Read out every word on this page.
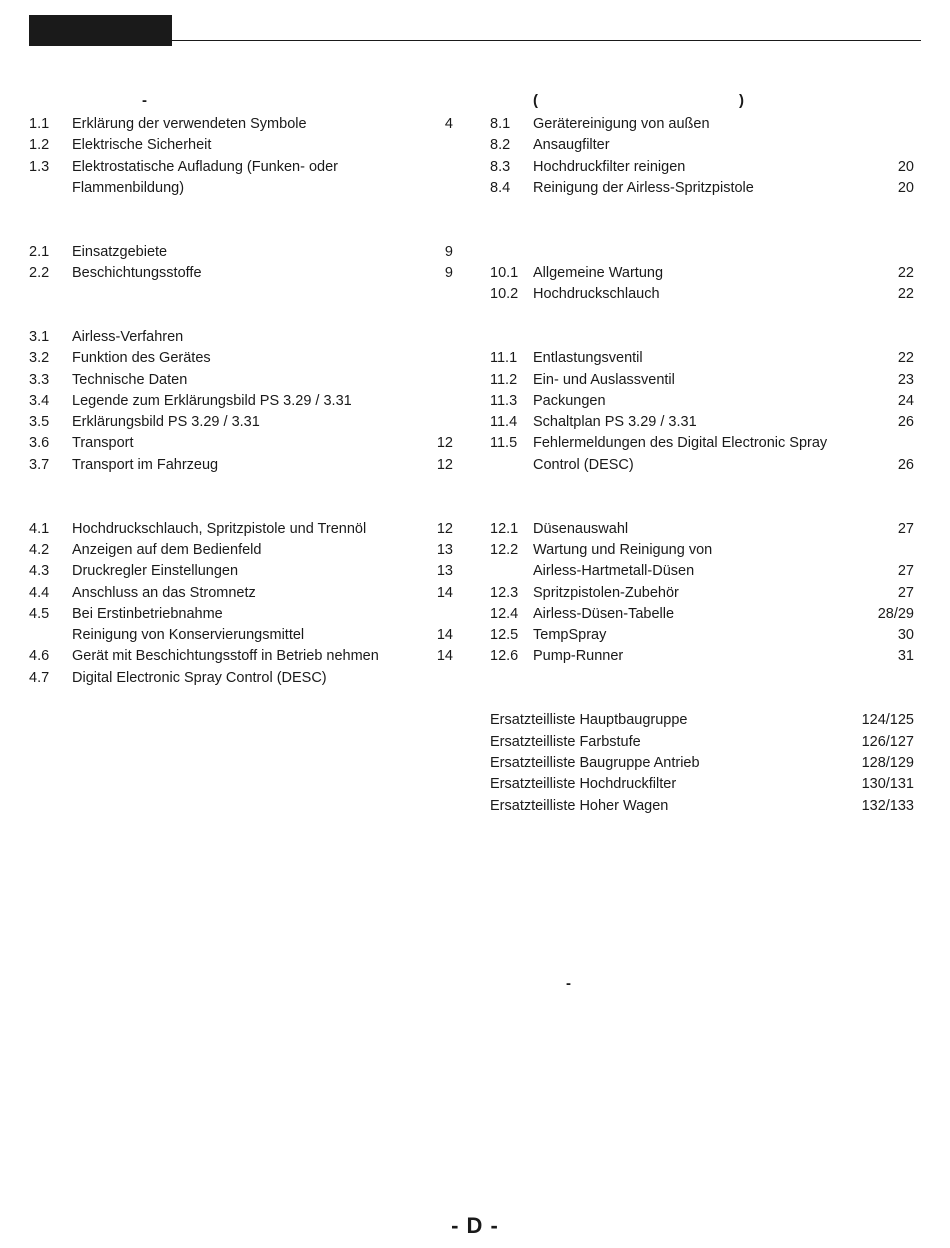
-	(	)
-
1.1 Erklärung der verwendeten Symbole	4
1.2 Elektrische Sicherheit
1.3 Elektrostatische Aufladung (Funken- oder
Flammenbildung)
2.1 Einsatzgebiete	9
2.2 Beschichtungsstoffe	9
3.1 Airless-Verfahren
3.2 Funktion des Gerätes
3.3 Technische Daten
3.4 Legende zum Erklärungsbild PS 3.29 / 3.31
3.5 Erklärungsbild PS 3.29 / 3.31
3.6 Transport	12
3.7 Transport im Fahrzeug	12
4.1 Hochdruckschlauch, Spritzpistole und Trennöl	12
4.2 Anzeigen auf dem Bedienfeld	13
4.3 Druckregler Einstellungen	13
4.4 Anschluss an das Stromnetz	14
4.5 Bei Erstinbetriebnahme
Reinigung von Konservierungsmittel	14
4.6 Gerät mit Beschichtungsstoff in Betrieb nehmen	14
4.7 Digital Electronic Spray Control (DESC)
8.1 Gerätereinigung von außen
8.2 Ansaugfilter
8.3 Hochdruckfilter reinigen	20
8.4 Reinigung der Airless-Spritzpistole	20
10.1 Allgemeine Wartung	22
10.2 Hochdruckschlauch	22
11.1 Entlastungsventil	22
11.2 Ein- und Auslassventil	23
11.3 Packungen	24
11.4 Schaltplan PS 3.29 / 3.31	26
11.5 Fehlermeldungen des Digital Electronic Spray
Control (DESC)	26
12.1 Düsenauswahl	27
12.2 Wartung und Reinigung von
Airless-Hartmetall-Düsen	27
12.3 Spritzpistolen-Zubehör	27
12.4 Airless-Düsen-Tabelle	28/29
12.5 TempSpray	30
12.6 Pump-Runner	31
Ersatzteilliste Hauptbaugruppe	124/125
Ersatzteilliste Farbstufe	126/127
Ersatzteilliste Baugruppe Antrieb	128/129
Ersatzteilliste Hochdruckfilter	130/131
Ersatzteilliste Hoher Wagen	132/133
- D -
